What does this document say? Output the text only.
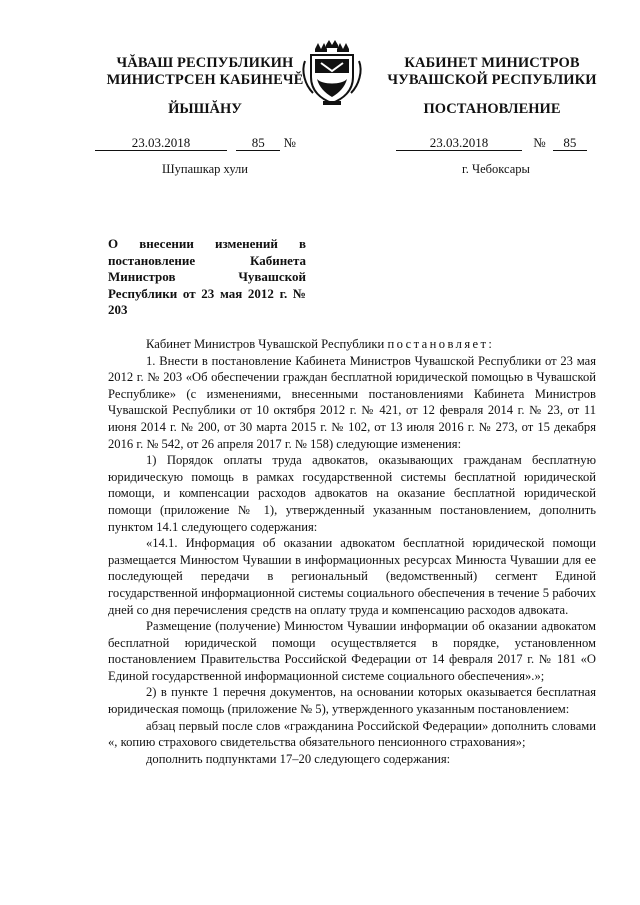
ЧĂВАШ РЕСПУБЛИКИН
МИНИСТРСЕН КАБИНЕЧĔ
ЙЫШĂНУ
КАБИНЕТ МИНИСТРОВ
ЧУВАШСКОЙ РЕСПУБЛИКИ
ПОСТАНОВЛЕНИЕ
23.03.2018	85 №	23.03.2018	№ 85
Шупашкар хули	г. Чебоксары
О внесении изменений в постановление Кабинета Министров Чувашской Республики от 23 мая 2012 г. № 203

Кабинет Министров Чувашской Республики постановляет:

1. Внести в постановление Кабинета Министров Чувашской Республики от 23 мая 2012 г. № 203 «Об обеспечении граждан бесплатной юридической помощью в Чувашской Республике» (с изменениями, внесенными постановлениями Кабинета Министров Чувашской Республики от 10 октября 2012 г. № 421, от 12 февраля 2014 г. № 23, от 11 июня 2014 г. № 200, от 30 марта 2015 г. № 102, от 13 июля 2016 г. № 273, от 15 декабря 2016 г. № 542, от 26 апреля 2017 г. № 158) следующие изменения:

1) Порядок оплаты труда адвокатов, оказывающих гражданам бесплатную юридическую помощь в рамках государственной системы бесплатной юридической помощи, и компенсации расходов адвокатов на оказание бесплатной юридической помощи (приложение № 1), утвержденный указанным постановлением, дополнить пунктом 14.1 следующего содержания:

«14.1. Информация об оказании адвокатом бесплатной юридической помощи размещается Минюстом Чувашии в информационных ресурсах Минюста Чувашии для ее последующей передачи в региональный (ведомственный) сегмент Единой государственной информационной системы социального обеспечения в течение 5 рабочих дней со дня перечисления средств на оплату труда и компенсацию расходов адвоката.

Размещение (получение) Минюстом Чувашии информации об оказании адвокатом бесплатной юридической помощи осуществляется в порядке, установленном постановлением Правительства Российской Федерации от 14 февраля 2017 г. № 181 «О Единой государственной информационной системе социального обеспечения».»;

2) в пункте 1 перечня документов, на основании которых оказывается бесплатная юридическая помощь (приложение № 5), утвержденного указанным постановлением:

абзац первый после слов «гражданина Российской Федерации» дополнить словами «, копию страхового свидетельства обязательного пенсионного страхования»;

дополнить подпунктами 17–20 следующего содержания:
